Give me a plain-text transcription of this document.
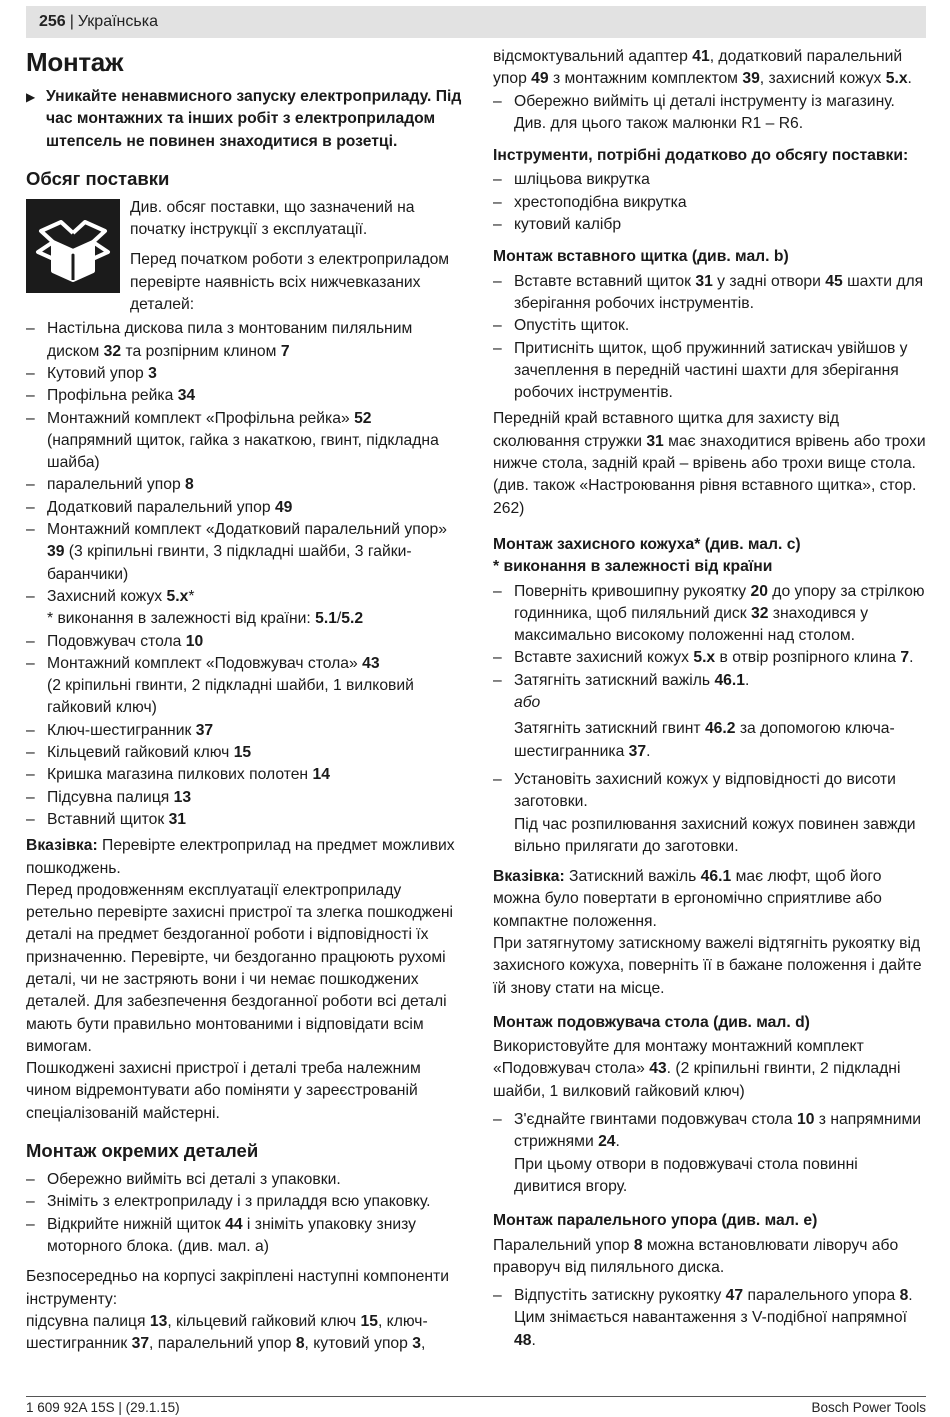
256 | Українська
Монтаж
▶ Уникайте ненавмисного запуску електроприладу. Під час монтажних та інших робіт з електроприладом штепсель не повинен знаходитися в розетці.
Обсяг поставки

Див. обсяг поставки, що зазначений на початку інструкції з експлуатації.

Перед початком роботи з електроприладом перевірте наявність всіх нижчевказаних деталей:

– Настільна дискова пила з монтованим пиляльним диском 32 та розпірним клином 7
– Кутовий упор 3
– Профільна рейка 34
– Монтажний комплект «Профільна рейка» 52
(напрямний щиток, гайка з накаткою, гвинт, підкладна шайба)
– паралельний упор 8
– Додатковий паралельний упор 49
– Монтажний комплект «Додатковий паралельний упор» 39 (3 кріпильні гвинти, 3 підкладні шайби, 3 гайки-баранчики)
– Захисний кожух 5.x*
* виконання в залежності від країни: 5.1/5.2
– Подовжувач стола 10
– Монтажний комплект «Подовжувач стола» 43
(2 кріпильні гвинти, 2 підкладні шайби, 1 вилковий гайковий ключ)
– Ключ-шестигранник 37
– Кільцевий гайковий ключ 15
– Кришка магазина пилкових полотен 14
– Підсувна палиця 13
– Вставний щиток 31

Вказівка: Перевірте електроприлад на предмет можливих пошкоджень.

Перед продовженням експлуатації електроприладу ретельно перевірте захисні пристрої та злегка пошкоджені деталі на предмет бездоганної роботи і відповідності їх призначенню. Перевірте, чи бездоганно працюють рухомі деталі, чи не застряють вони і чи немає пошкоджених деталей. Для забезпечення бездоганної роботи всі деталі мають бути правильно монтованими і відповідати всім вимогам.

Пошкоджені захисні пристрої і деталі треба належним чином відремонтувати або поміняти у зареєстрованій спеціалізованій майстерні.

Монтаж окремих деталей
– Обережно вийміть всі деталі з упаковки.
– Зніміть з електроприладу і з приладдя всю упаковку.
– Відкрийте нижній щиток 44 і зніміть упаковку знизу моторного блока. (див. мал. a)

Безпосередньо на корпусі закріплені наступні компоненти інструменту:

підсувна палиця 13, кільцевий гайковий ключ 15, ключ-шестигранник 37, паралельний упор 8, кутовий упор 3,

відсмоктувальний адаптер 41, додатковий паралельний упор 49 з монтажним комплектом 39, захисний кожух 5.x.

– Обережно вийміть ці деталі інструменту із магазину. Див. для цього також малюнки R1 – R6.
Інструменти, потрібні додатково до обсягу поставки:
– шліцьова викрутка
– хрестоподібна викрутка
– кутовий калібр
Монтаж вставного щитка (див. мал. b)
– Вставте вставний щиток 31 у задні отвори 45 шахти для зберігання робочих інструментів.
– Опустіть щиток.
– Притисніть щиток, щоб пружинний затискач увійшов у зачеплення в передній частині шахти для зберігання робочих інструментів.

Передній край вставного щитка для захисту від сколювання стружки 31 має знаходитися врівень або трохи нижче стола, задній край – врівень або трохи вище стола. (див. також «Настроювання рівня вставного щитка», стор. 262)

Монтаж захисного кожуха* (див. мал. c)
* виконання в залежності від країни
– Поверніть кривошипну рукоятку 20 до упору за стрілкою годинника, щоб пиляльний диск 32 знаходився у максимально високому положенні над столом.
– Вставте захисний кожух 5.x в отвір розпірного клина 7.
– Затягніть затискний важіль 46.1.
або

Затягніть затискний гвинт 46.2 за допомогою ключа-шестигранника 37.

– Установіть захисний кожух у відповідності до висоти заготовки.
Під час розпилювання захисний кожух повинен завжди вільно прилягати до заготовки.

Вказівка: Затискний важіль 46.1 має люфт, щоб його можна було повертати в ергономічно сприятливе або компактне положення.

При затягнутому затискному важелі відтягніть рукоятку від захисного кожуха, поверніть її в бажане положення і дайте їй знову стати на місце.

Монтаж подовжувача стола (див. мал. d)

Використовуйте для монтажу монтажний комплект «Подовжувач стола» 43. (2 кріпильні гвинти, 2 підкладні шайби, 1 вилковий гайковий ключ)

– З'єднайте гвинтами подовжувач стола 10 з напрямними стрижнями 24.
При цьому отвори в подовжувачі стола повинні дивитися вгору.
Монтаж паралельного упора (див. мал. e)

Паралельний упор 8 можна встановлювати ліворуч або праворуч від пиляльного диска.

– Відпустіть затискну рукоятку 47 паралельного упора 8. Цим знімається навантаження з V-подібної напрямної 48.
1 609 92A 15S | (29.1.15)	Bosch Power Tools
